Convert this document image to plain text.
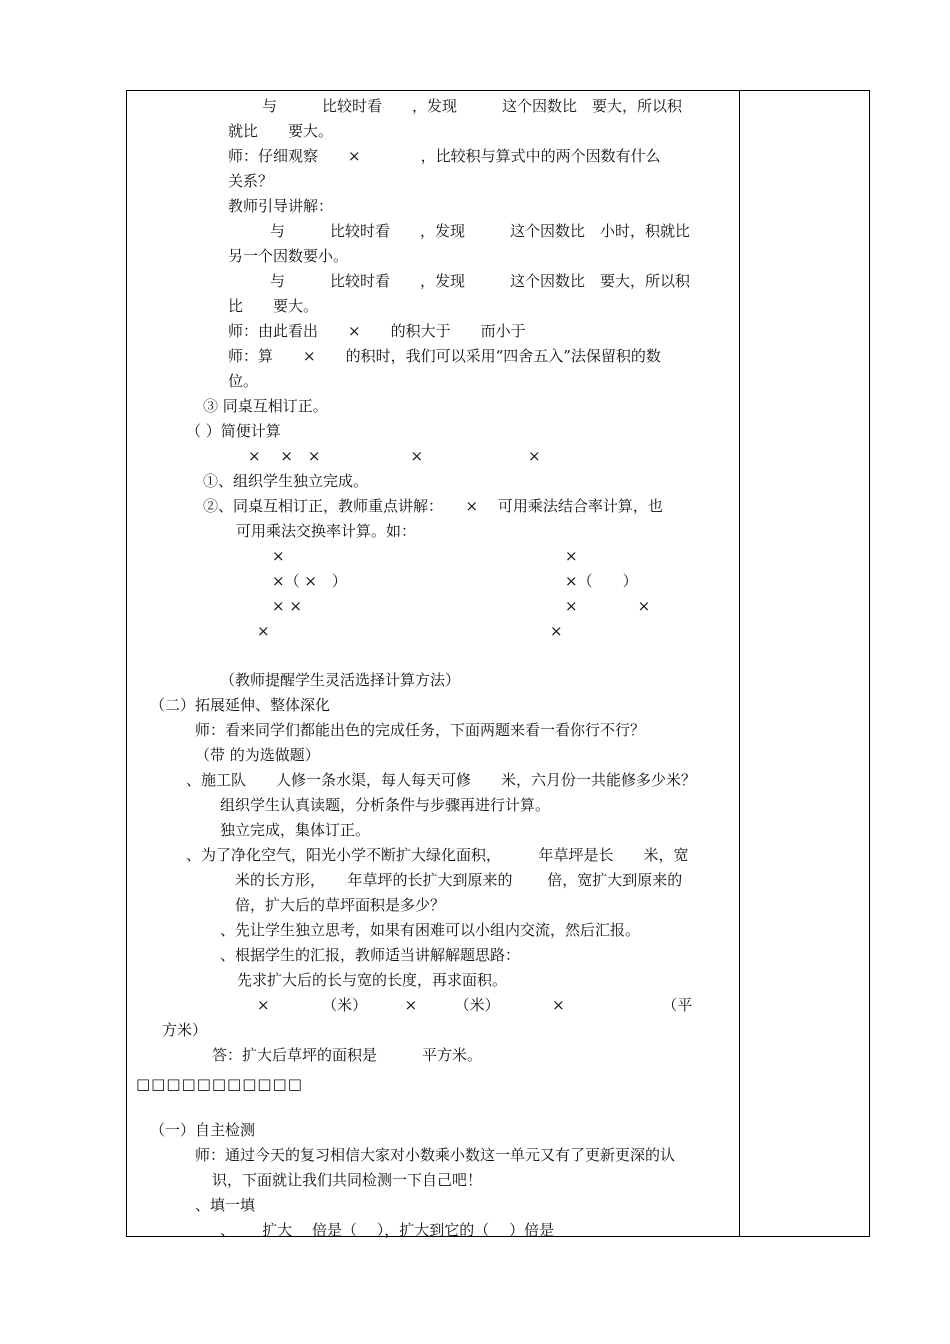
与　　　比较时看　　，发现　　　这个因数比　要大，所以积
就比　　要大。
师：仔细观察　　×　　　　，比较积与算式中的两个因数有什么
关系？
教师引导讲解：
与　　　比较时看　　，发现　　　这个因数比　小时，积就比
另一个因数要小。
与　　　比较时看　　，发现　　　这个因数比　要大，所以积
比　　要大。
师：由此看出　　×　　的积大于　　而小于
师：算　　×　　的积时，我们可以采用“四舍五入”法保留积的数
位。
③ 同桌互相订正。
（ ）简便计算
×　 ×　×　　　　　　×　　　　　　　×
①、组织学生独立完成。
②、同桌互相订正，教师重点讲解：　　×　 可用乘法结合率计算，也
可用乘法交换率计算。如：
×	×
×（ ×　）	×（　　）
× ×	×　　　　×
×	×
（教师提醒学生灵活选择计算方法）
（二）拓展延伸、整体深化
师：看来同学们都能出色的完成任务，下面两题来看一看你行不行？
（带 的为选做题）
、施工队　　人修一条水渠，每人每天可修　　米，六月份一共能修多少米？
组织学生认真读题，分析条件与步骤再进行计算。
独立完成，集体订正。
、为了净化空气，阳光小学不断扩大绿化面积，　　　年草坪是长　　米，宽
　米的长方形，　　年草坪的长扩大到原来的　　 倍，宽扩大到原来的
　倍，扩大后的草坪面积是多少？
、先让学生独立思考，如果有困难可以小组内交流，然后汇报。
、根据学生的汇报，教师适当讲解解题思路：
先求扩大后的长与宽的长度，再求面积。
×　　　　（米）　　　×　　　（米）　　　　×　　　　　　　（平
方米）
答：扩大后草坪的面积是　　　平方米。
（一）自主检测
师：通过今天的复习相信大家对小数乘小数这一单元又有了更新更深的认
识，下面就让我们共同检测一下自己吧！
、填一填
、　　 扩大　 倍是（　 ），扩大到它的（　 ）倍是
□□□□□□□□□□□
